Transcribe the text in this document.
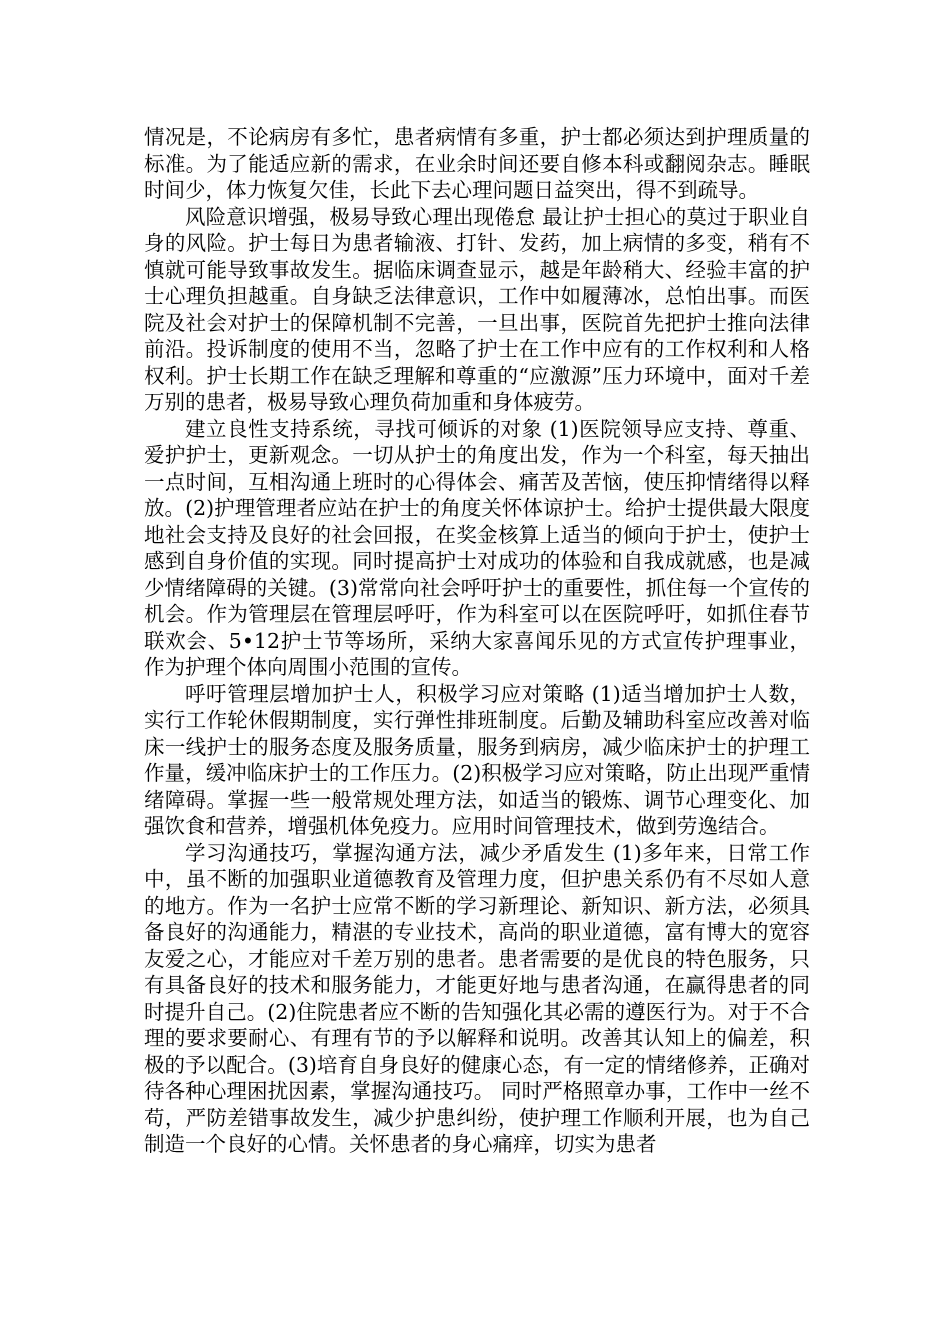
情况是，不论病房有多忙，患者病情有多重，护士都必须达到护理质量的标准。为了能适应新的需求，在业余时间还要自修本科或翻阅杂志。睡眠时间少，体力恢复欠佳，长此下去心理问题日益突出，得不到疏导。

风险意识增强，极易导致心理出现倦怠 最让护士担心的莫过于职业自身的风险。护士每日为患者输液、打针、发药，加上病情的多变，稍有不慎就可能导致事故发生。据临床调查显示，越是年龄稍大、经验丰富的护士心理负担越重。自身缺乏法律意识，工作中如履薄冰，总怕出事。而医院及社会对护士的保障机制不完善，一旦出事，医院首先把护士推向法律前沿。投诉制度的使用不当，忽略了护士在工作中应有的工作权利和人格权利。护士长期工作在缺乏理解和尊重的“应激源”压力环境中，面对千差万别的患者，极易导致心理负荷加重和身体疲劳。

建立良性支持系统，寻找可倾诉的对象 (1)医院领导应支持、尊重、爱护护士，更新观念。一切从护士的角度出发，作为一个科室，每天抽出一点时间，互相沟通上班时的心得体会、痛苦及苦恼，使压抑情绪得以释放。(2)护理管理者应站在护士的角度关怀体谅护士。给护士提供最大限度地社会支持及良好的社会回报，在奖金核算上适当的倾向于护士，使护士感到自身价值的实现。同时提高护士对成功的体验和自我成就感，也是减少情绪障碍的关键。(3)常常向社会呼吁护士的重要性，抓住每一个宣传的机会。作为管理层在管理层呼吁，作为科室可以在医院呼吁，如抓住春节联欢会、5•12护士节等场所，采纳大家喜闻乐见的方式宣传护理事业，作为护理个体向周围小范围的宣传。

呼吁管理层增加护士人，积极学习应对策略 (1)适当增加护士人数，实行工作轮休假期制度，实行弹性排班制度。后勤及辅助科室应改善对临床一线护士的服务态度及服务质量，服务到病房，减少临床护士的护理工作量，缓冲临床护士的工作压力。(2)积极学习应对策略，防止出现严重情绪障碍。掌握一些一般常规处理方法，如适当的锻炼、调节心理变化、加强饮食和营养，增强机体免疫力。应用时间管理技术，做到劳逸结合。

学习沟通技巧，掌握沟通方法，减少矛盾发生 (1)多年来，日常工作中，虽不断的加强职业道德教育及管理力度，但护患关系仍有不尽如人意的地方。作为一名护士应常不断的学习新理论、新知识、新方法，必须具备良好的沟通能力，精湛的专业技术，高尚的职业道德，富有博大的宽容友爱之心，才能应对千差万别的患者。患者需要的是优良的特色服务，只有具备良好的技术和服务能力，才能更好地与患者沟通，在赢得患者的同时提升自己。(2)住院患者应不断的告知强化其必需的遵医行为。对于不合理的要求要耐心、有理有节的予以解释和说明。改善其认知上的偏差，积极的予以配合。(3)培育自身良好的健康心态，有一定的情绪修养，正确对待各种心理困扰因素，掌握沟通技巧。 同时严格照章办事，工作中一丝不苟，严防差错事故发生，减少护患纠纷，使护理工作顺利开展，也为自己制造一个良好的心情。关怀患者的身心痛痒，切实为患者
